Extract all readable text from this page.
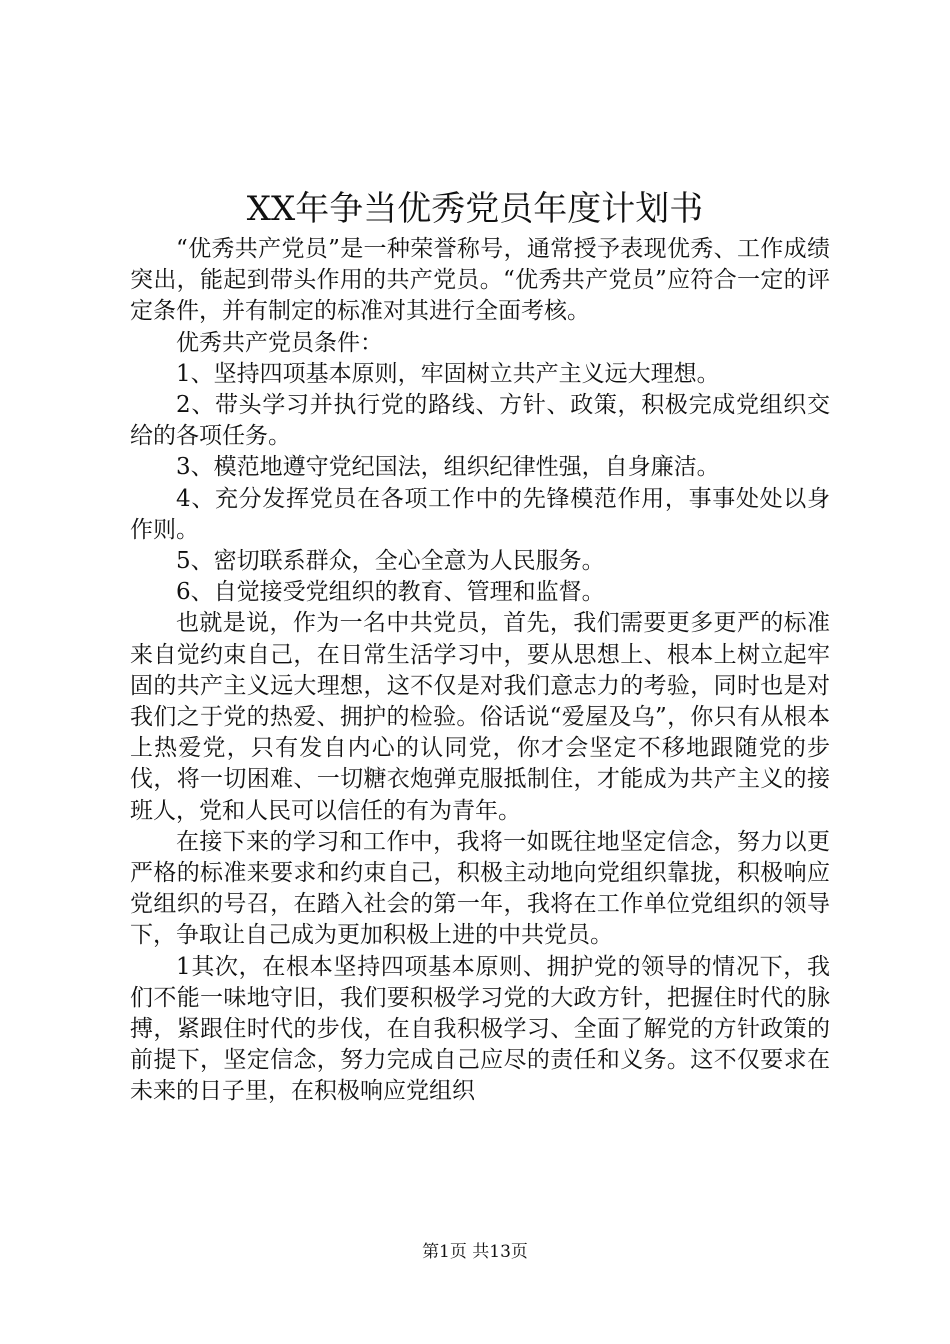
XX年争当优秀党员年度计划书

“优秀共产党员”是一种荣誉称号，通常授予表现优秀、工作成绩突出，能起到带头作用的共产党员。“优秀共产党员”应符合一定的评定条件，并有制定的标准对其进行全面考核。

优秀共产党员条件：

1、坚持四项基本原则，牢固树立共产主义远大理想。

2、带头学习并执行党的路线、方针、政策，积极完成党组织交给的各项任务。

3、模范地遵守党纪国法，组织纪律性强，自身廉洁。

4、充分发挥党员在各项工作中的先锋模范作用，事事处处以身作则。

5、密切联系群众，全心全意为人民服务。

6、自觉接受党组织的教育、管理和监督。

也就是说，作为一名中共党员，首先，我们需要更多更严的标准来自觉约束自己，在日常生活学习中，要从思想上、根本上树立起牢固的共产主义远大理想，这不仅是对我们意志力的考验，同时也是对我们之于党的热爱、拥护的检验。俗话说“爱屋及乌”，你只有从根本上热爱党，只有发自内心的认同党，你才会坚定不移地跟随党的步伐，将一切困难、一切糖衣炮弹克服抵制住，才能成为共产主义的接班人，党和人民可以信任的有为青年。

在接下来的学习和工作中，我将一如既往地坚定信念，努力以更严格的标准来要求和约束自己，积极主动地向党组织靠拢，积极响应党组织的号召，在踏入社会的第一年，我将在工作单位党组织的领导下，争取让自己成为更加积极上进的中共党员。

1其次，在根本坚持四项基本原则、拥护党的领导的情况下，我们不能一味地守旧，我们要积极学习党的大政方针，把握住时代的脉搏，紧跟住时代的步伐，在自我积极学习、全面了解党的方针政策的前提下，坚定信念，努力完成自己应尽的责任和义务。这不仅要求在未来的日子里，在积极响应党组织

第1页 共13页
